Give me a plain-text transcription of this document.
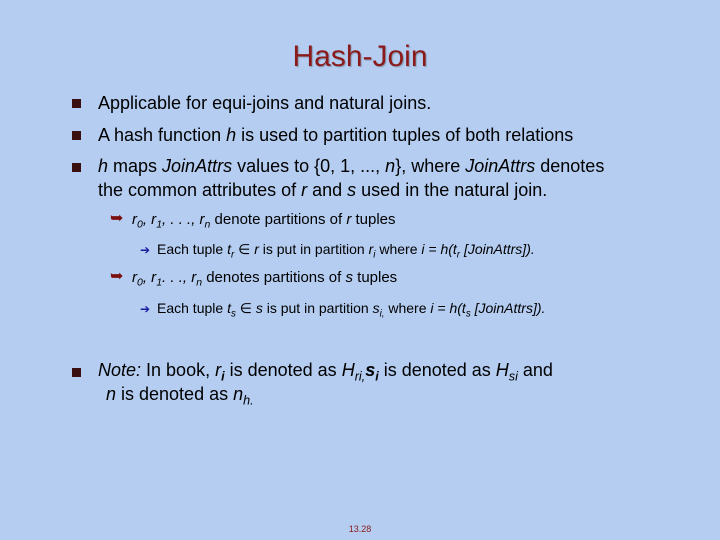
Hash-Join
Applicable for equi-joins and natural joins.
A hash function h is used to partition tuples of both relations
h maps JoinAttrs values to {0, 1, ..., n}, where JoinAttrs denotes
the common attributes of r and s used in the natural join.
➥ $r_0$, $r_1$, . . ., $r_n$ denote partitions of r tuples
➔ Each tuple $t_r$ ∈ r is put in partition $r_i$ where $i = h(t_r$ [JoinAttrs]).
➥ $r_0$, $r_1$. . ., $r_n$ denotes partitions of s tuples
➔ Each tuple $t_s$ ∈ s is put in partition $s_{i,}$ where $i = h(t_s$ [JoinAttrs]).
Note: In book, $r_i$ is denoted as $H_{ri,}s_i$ is denoted as $H_{si}$ and
n is denoted as $n_{h.}$
13.28
